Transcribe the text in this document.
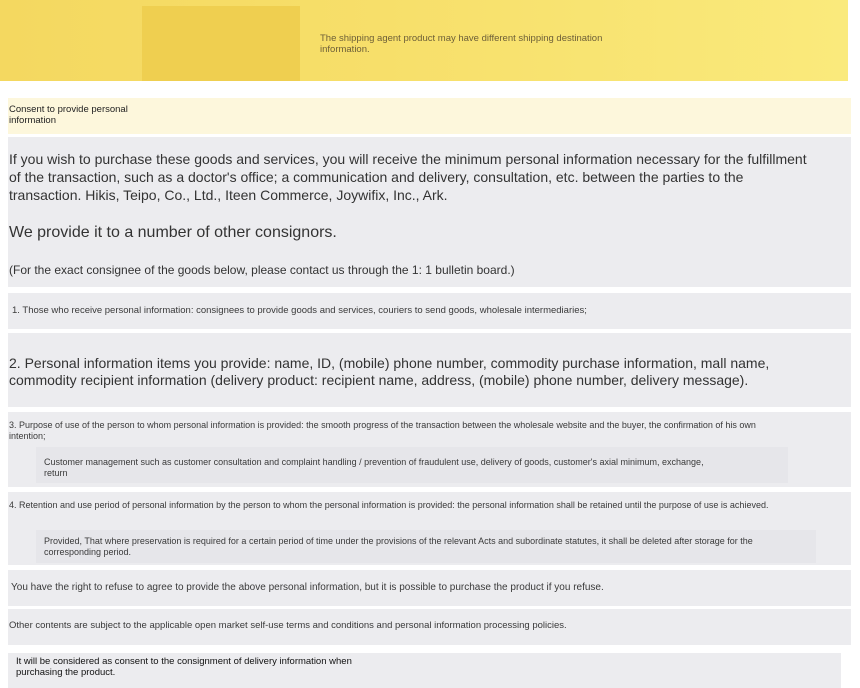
The shipping agent product may have different shipping destination information.
Consent to provide personal information
If you wish to purchase these goods and services, you will receive the minimum personal information necessary for the fulfillment of the transaction, such as a doctor's office; a communication and delivery, consultation, etc. between the parties to the transaction. Hikis, Teipo, Co., Ltd., Iteen Commerce, Joywifix, Inc., Ark.
We provide it to a number of other consignors.
(For the exact consignee of the goods below, please contact us through the 1: 1 bulletin board.)
1. Those who receive personal information: consignees to provide goods and services, couriers to send goods, wholesale intermediaries;
2. Personal information items you provide: name, ID, (mobile) phone number, commodity purchase information, mall name, commodity recipient information (delivery product: recipient name, address, (mobile) phone number, delivery message).
3. Purpose of use of the person to whom personal information is provided: the smooth progress of the transaction between the wholesale website and the buyer, the confirmation of his own intention;
Customer management such as customer consultation and complaint handling / prevention of fraudulent use, delivery of goods, customer's axial minimum, exchange, return
4. Retention and use period of personal information by the person to whom the personal information is provided: the personal information shall be retained until the purpose of use is achieved.
Provided, That where preservation is required for a certain period of time under the provisions of the relevant Acts and subordinate statutes, it shall be deleted after storage for the corresponding period.
You have the right to refuse to agree to provide the above personal information, but it is possible to purchase the product if you refuse.
Other contents are subject to the applicable open market self-use terms and conditions and personal information processing policies.
It will be considered as consent to the consignment of delivery information when purchasing the product.
